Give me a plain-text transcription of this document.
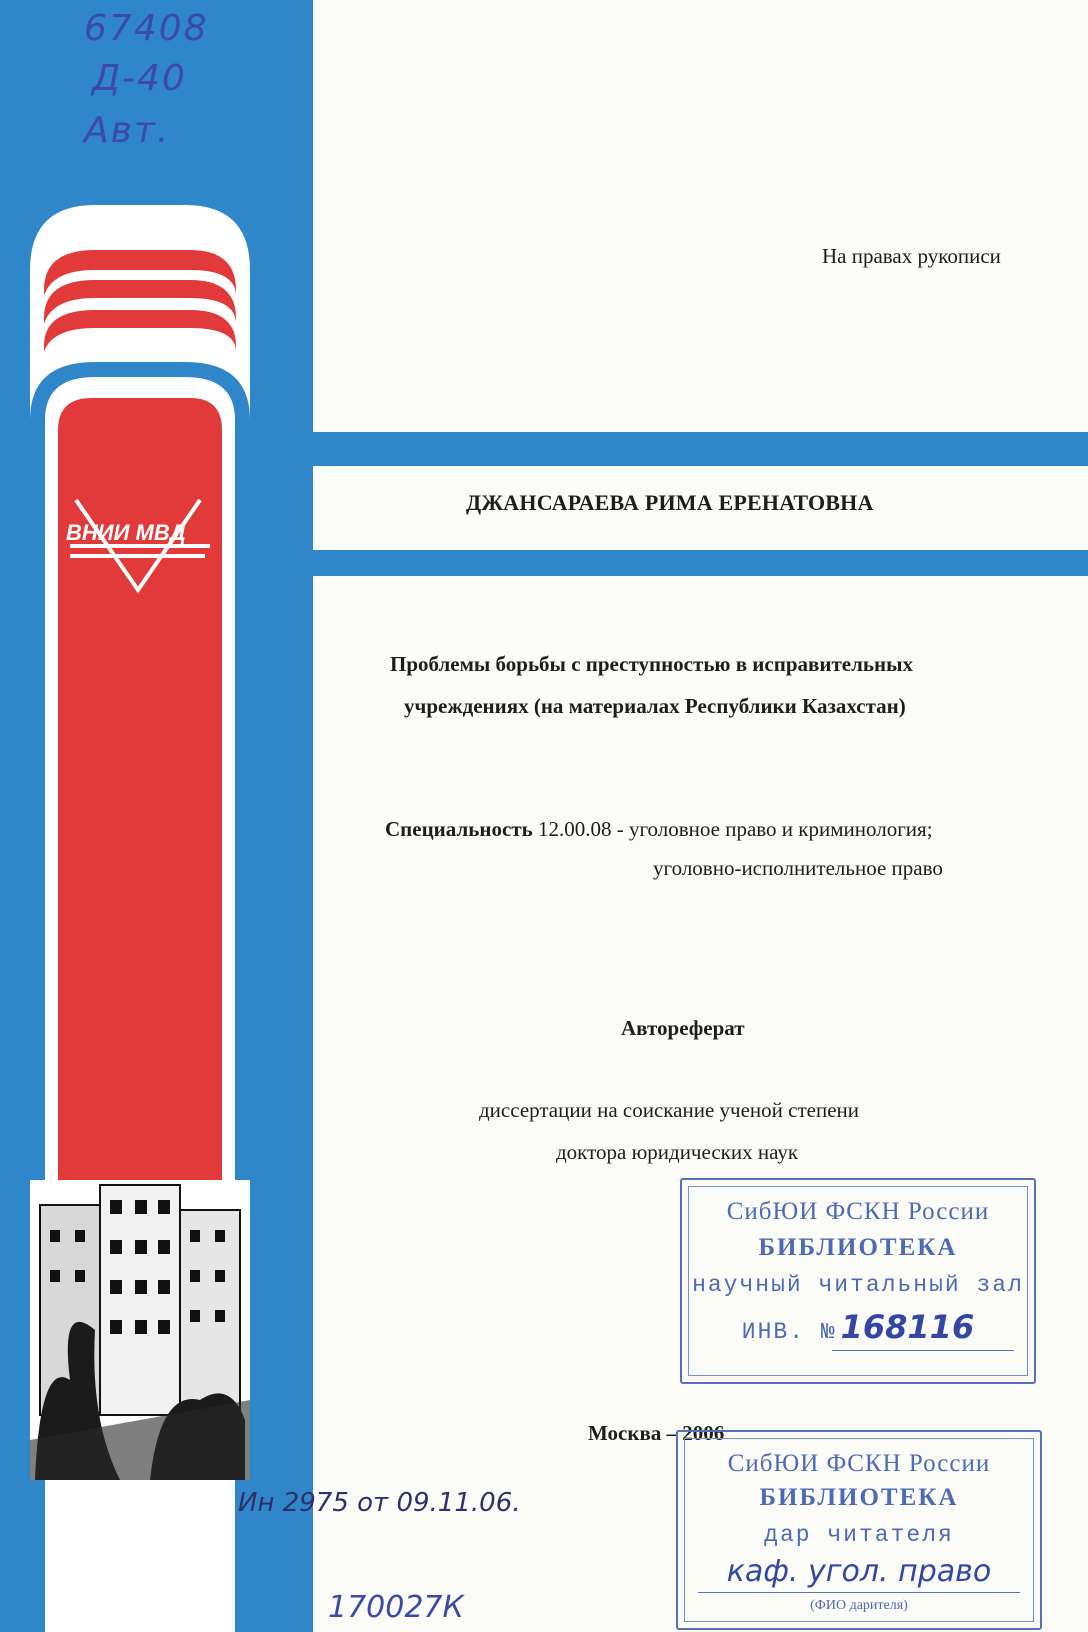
ВНИИ МВД
67408
Д-40
Авт.
На правах рукописи
ДЖАНСАРАЕВА РИМА ЕРЕНАТОВНА
Проблемы борьбы с преступностью в исправительных
учреждениях (на материалах Республики Казахстан)
Специальность 12.00.08 - уголовное право и криминология;
уголовно-исполнительное право
Автореферат
диссертации на соискание ученой степени
доктора юридических наук
Москва – 2006
СибЮИ ФСКН России
БИБЛИОТЕКА
научный читальный зал
ИНВ. № 168116
СибЮИ ФСКН России
БИБЛИОТЕКА
дар читателя
каф. угол. право
(ФИО дарителя)
Ин 2975 от 09.11.06.
170027К
